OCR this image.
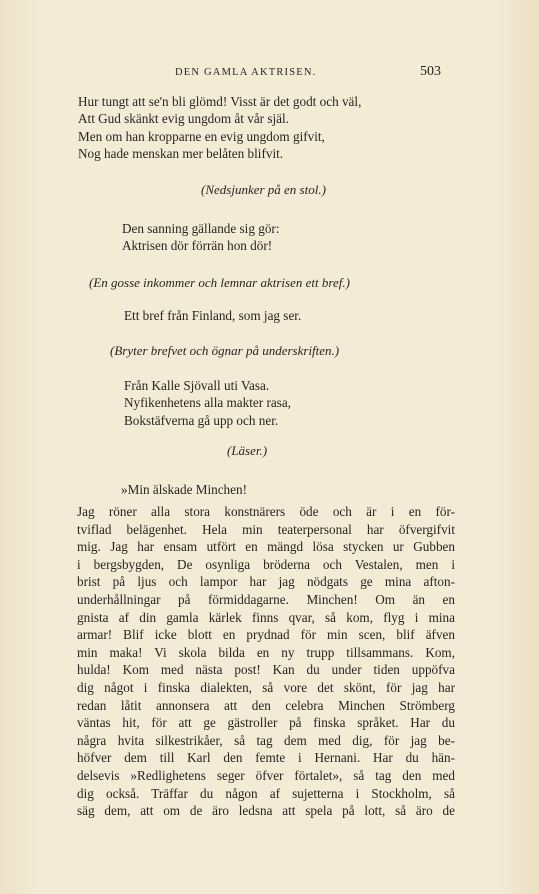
DEN GAMLA AKTRISEN.	503
Hur tungt att se'n bli glömd! Visst är det godt och väl,
Att Gud skänkt evig ungdom åt vår själ.
Men om han kropparne en evig ungdom gifvit,
Nog hade menskan mer belåten blifvit.
(Nedsjunker på en stol.)
Den sanning gällande sig gör:
Aktrisen dör förrän hon dör!
(En gosse inkommer och lemnar aktrisen ett bref.)
Ett bref från Finland, som jag ser.
(Bryter brefvet och ögnar på underskriften.)
Från Kalle Sjövall uti Vasa.
Nyfikenhetens alla makter rasa,
Bokstäfverna gå upp och ner.
(Läser.)
»Min älskade Minchen!
Jag röner alla stora konstnärers öde och är i en för-
tviflad belägenhet. Hela min teaterpersonal har öfvergifvit
mig. Jag har ensam utfört en mängd lösa stycken ur Gubben
i bergsbygden, De osynliga bröderna och Vestalen, men i
brist på ljus och lampor har jag nödgats ge mina afton-
underhållningar på förmiddagarne. Minchen! Om än en
gnista af din gamla kärlek finns qvar, så kom, flyg i mina
armar! Blif icke blott en prydnad för min scen, blif äfven
min maka! Vi skola bilda en ny trupp tillsammans. Kom,
hulda! Kom med nästa post! Kan du under tiden uppöfva
dig något i finska dialekten, så vore det skönt, för jag har
redan låtit annonsera att den celebra Minchen Strömberg
väntas hit, för att ge gästroller på finska språket. Har du
några hvita silkestrikåer, så tag dem med dig, för jag be-
höfver dem till Karl den femte i Hernani. Har du hän-
delsevis »Redlighetens seger öfver förtalet», så tag den med
dig också. Träffar du någon af sujetterna i Stockholm, så
säg dem, att om de äro ledsna att spela på lott, så äro de
